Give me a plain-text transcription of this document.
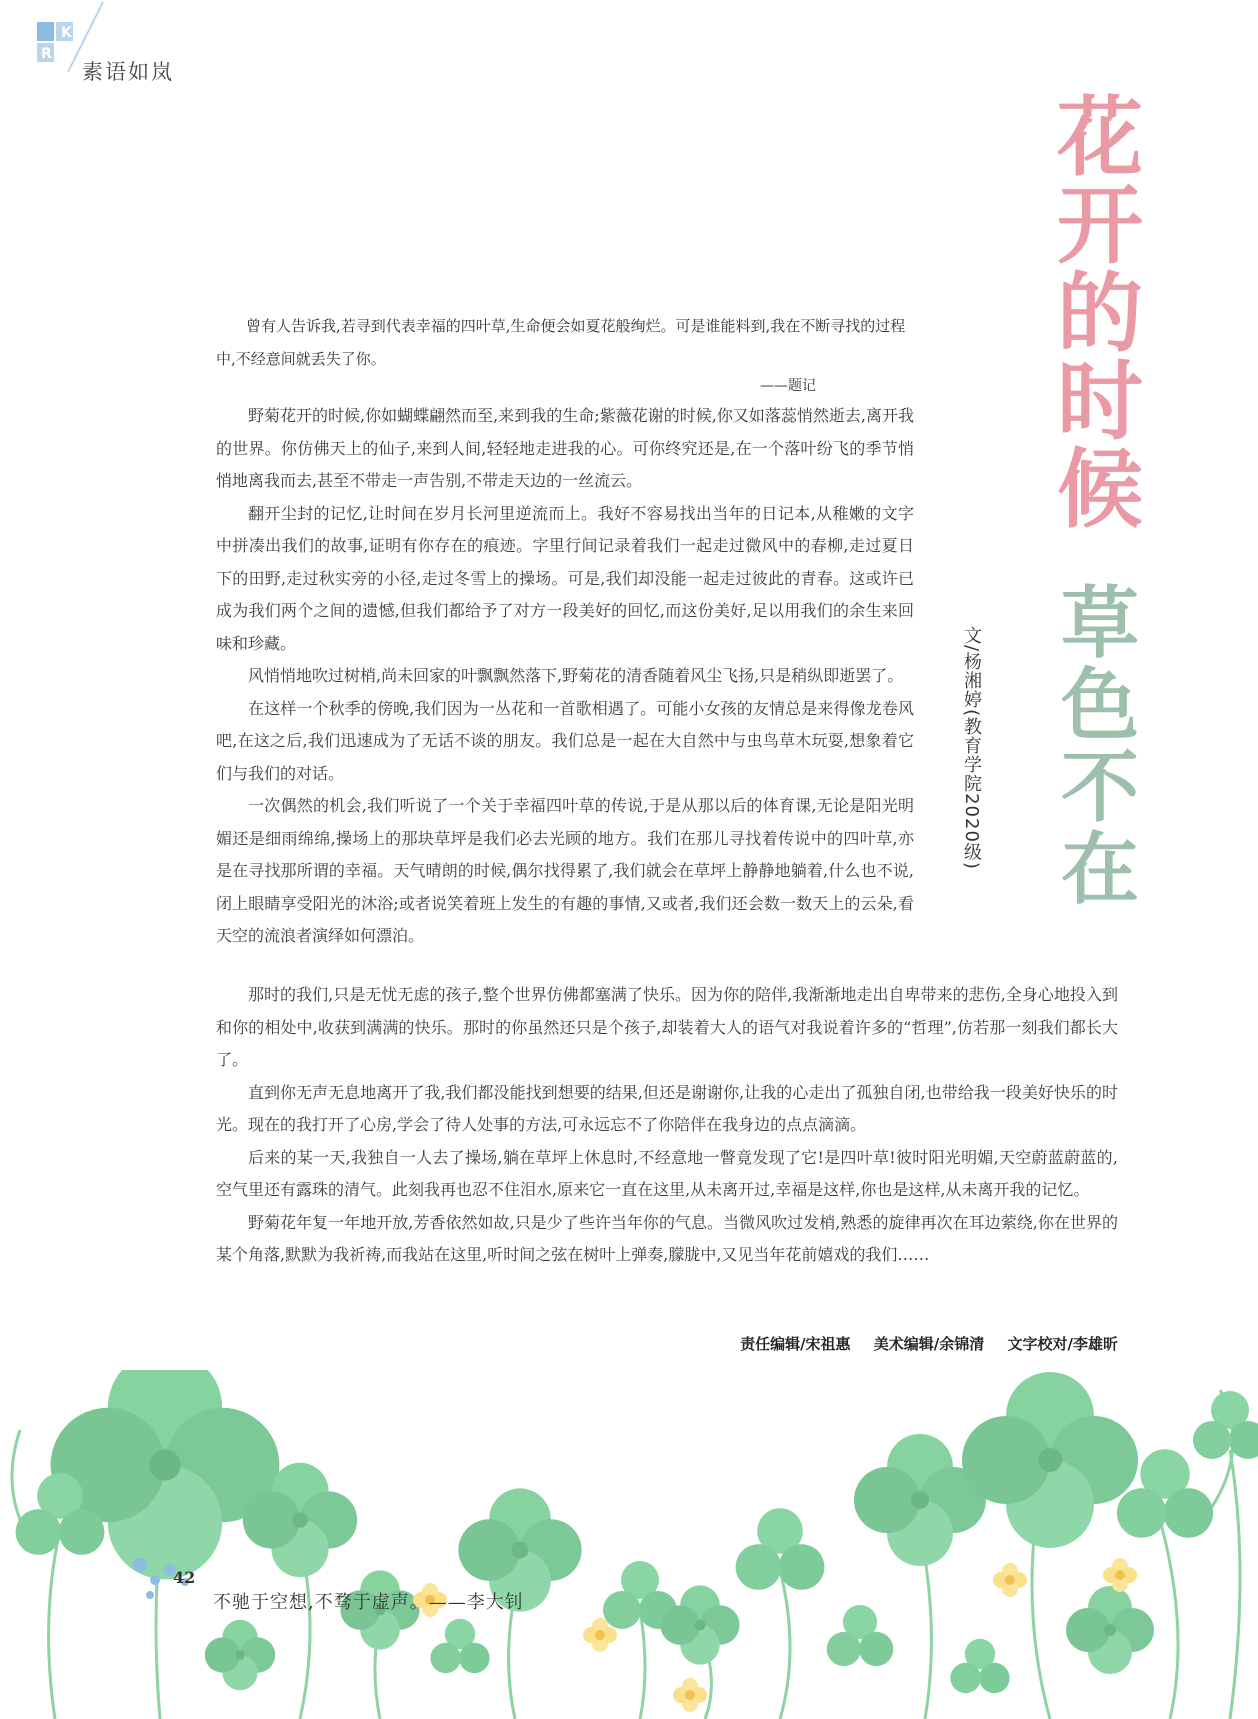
K
R
素语如岚
花
开
的
时
候
草
色
不
在
文/杨湘婷(教育学院2020级)

曾有人告诉我,若寻到代表幸福的四叶草,生命便会如夏花般绚烂。可是谁能料到,我在不断寻找的过程中,不经意间就丢失了你。

——题记

野菊花开的时候,你如蝴蝶翩然而至,来到我的生命;紫薇花谢的时候,你又如落蕊悄然逝去,离开我的世界。你仿佛天上的仙子,来到人间,轻轻地走进我的心。可你终究还是,在一个落叶纷飞的季节悄悄地离我而去,甚至不带走一声告别,不带走天边的一丝流云。

翻开尘封的记忆,让时间在岁月长河里逆流而上。我好不容易找出当年的日记本,从稚嫩的文字中拼凑出我们的故事,证明有你存在的痕迹。字里行间记录着我们一起走过微风中的春柳,走过夏日下的田野,走过秋实旁的小径,走过冬雪上的操场。可是,我们却没能一起走过彼此的青春。这或许已成为我们两个之间的遗憾,但我们都给予了对方一段美好的回忆,而这份美好,足以用我们的余生来回味和珍藏。

风悄悄地吹过树梢,尚未回家的叶飘飘然落下,野菊花的清香随着风尘飞扬,只是稍纵即逝罢了。

在这样一个秋季的傍晚,我们因为一丛花和一首歌相遇了。可能小女孩的友情总是来得像龙卷风吧,在这之后,我们迅速成为了无话不谈的朋友。我们总是一起在大自然中与虫鸟草木玩耍,想象着它们与我们的对话。

一次偶然的机会,我们听说了一个关于幸福四叶草的传说,于是从那以后的体育课,无论是阳光明媚还是细雨绵绵,操场上的那块草坪是我们必去光顾的地方。我们在那儿寻找着传说中的四叶草,亦是在寻找那所谓的幸福。天气晴朗的时候,偶尔找得累了,我们就会在草坪上静静地躺着,什么也不说,闭上眼睛享受阳光的沐浴;或者说笑着班上发生的有趣的事情,又或者,我们还会数一数天上的云朵,看天空的流浪者演绎如何漂泊。

那时的我们,只是无忧无虑的孩子,整个世界仿佛都塞满了快乐。因为你的陪伴,我渐渐地走出自卑带来的悲伤,全身心地投入到和你的相处中,收获到满满的快乐。那时的你虽然还只是个孩子,却装着大人的语气对我说着许多的“哲理”,仿若那一刻我们都长大了。

直到你无声无息地离开了我,我们都没能找到想要的结果,但还是谢谢你,让我的心走出了孤独自闭,也带给我一段美好快乐的时光。现在的我打开了心房,学会了待人处事的方法,可永远忘不了你陪伴在我身边的点点滴滴。

后来的某一天,我独自一人去了操场,躺在草坪上休息时,不经意地一瞥竟发现了它!是四叶草!彼时阳光明媚,天空蔚蓝蔚蓝的,空气里还有露珠的清气。此刻我再也忍不住泪水,原来它一直在这里,从未离开过,幸福是这样,你也是这样,从未离开我的记忆。

野菊花年复一年地开放,芳香依然如故,只是少了些许当年你的气息。当微风吹过发梢,熟悉的旋律再次在耳边萦绕,你在世界的某个角落,默默为我祈祷,而我站在这里,听时间之弦在树叶上弹奏,朦胧中,又见当年花前嬉戏的我们……

责任编辑/宋祖惠 美术编辑/余锦清 文字校对/李雄昕
42
不驰于空想,不骛于虚声。——李大钊
